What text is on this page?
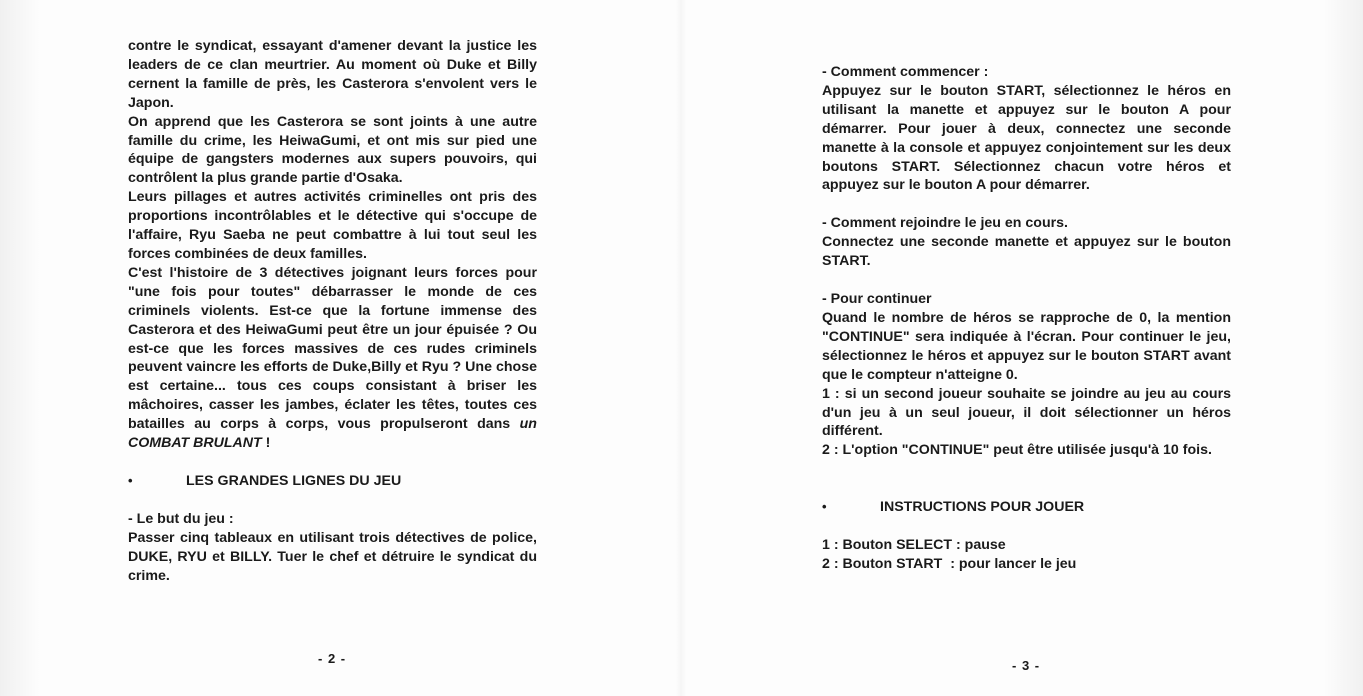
contre le syndicat, essayant d'amener devant la justice les leaders de ce clan meurtrier. Au moment où Duke et Billy cernent la famille de près, les Casterora s'envolent vers le Japon.

On apprend que les Casterora se sont joints à une autre famille du crime, les HeiwaGumi, et ont mis sur pied une équipe de gangsters modernes aux supers pouvoirs, qui contrôlent la plus grande partie d'Osaka.

Leurs pillages et autres activités criminelles ont pris des proportions incontrôlables et le détective qui s'occupe de l'affaire, Ryu Saeba ne peut combattre à lui tout seul les forces combinées de deux familles.

C'est l'histoire de 3 détectives joignant leurs forces pour "une fois pour toutes" débarrasser le monde de ces criminels violents. Est-ce que la fortune immense des Casterora et des HeiwaGumi peut être un jour épuisée ? Ou est-ce que les forces massives de ces rudes criminels peuvent vaincre les efforts de Duke,Billy et Ryu ? Une chose est certaine... tous ces coups consistant à briser les mâchoires, casser les jambes, éclater les têtes, toutes ces batailles au corps à corps, vous propulseront dans un COMBAT BRULANT !

•	LES GRANDES LIGNES DU JEU

- Le but du jeu :

Passer cinq tableaux en utilisant trois détectives de police, DUKE, RYU et BILLY. Tuer le chef et détruire le syndicat du crime.

- 2 -

- Comment commencer :

Appuyez sur le bouton START, sélectionnez le héros en utilisant la manette et appuyez sur le bouton A pour démarrer. Pour jouer à deux, connectez une seconde manette à la console et appuyez conjointement sur les deux boutons START. Sélectionnez chacun votre héros et appuyez sur le bouton A pour démarrer.

- Comment rejoindre le jeu en cours.

Connectez une seconde manette et appuyez sur le bouton START.

- Pour continuer

Quand le nombre de héros se rapproche de 0, la mention "CONTINUE" sera indiquée à l'écran. Pour continuer le jeu, sélectionnez le héros et appuyez sur le bouton START avant que le compteur n'atteigne 0.

1 : si un second joueur souhaite se joindre au jeu au cours d'un jeu à un seul joueur, il doit sélectionner un héros différent.

2 : L'option "CONTINUE" peut être utilisée jusqu'à 10 fois.

•	INSTRUCTIONS POUR JOUER

1 : Bouton SELECT : pause

2 : Bouton START  : pour lancer le jeu

- 3 -
